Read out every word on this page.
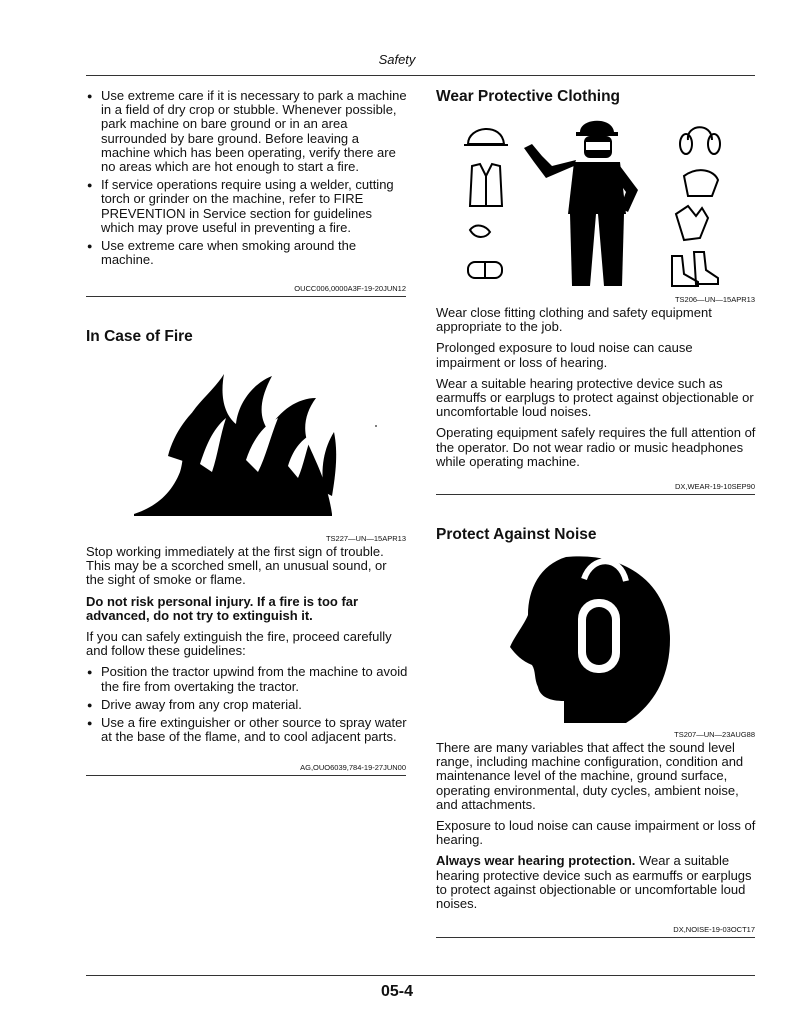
Safety
● Use extreme care if it is necessary to park a machine in a field of dry crop or stubble. Whenever possible, park machine on bare ground or in an area surrounded by bare ground. Before leaving a machine which has been operating, verify there are no areas which are hot enough to start a fire.
● If service operations require using a welder, cutting torch or grinder on the machine, refer to FIRE PREVENTION in Service section for guidelines which may prove useful in preventing a fire.
● Use extreme care when smoking around the machine.
OUCC006,0000A3F-19-20JUN12
In Case of Fire
TS227—UN—15APR13

Stop working immediately at the first sign of trouble. This may be a scorched smell, an unusual sound, or the sight of smoke or flame.

Do not risk personal injury. If a fire is too far advanced, do not try to extinguish it.

If you can safely extinguish the fire, proceed carefully and follow these guidelines:

● Position the tractor upwind from the machine to avoid the fire from overtaking the tractor.
● Drive away from any crop material.
● Use a fire extinguisher or other source to spray water at the base of the flame, and to cool adjacent parts.
AG,OUO6039,784-19-27JUN00
Wear Protective Clothing
TS206—UN—15APR13

Wear close fitting clothing and safety equipment appropriate to the job.

Prolonged exposure to loud noise can cause impairment or loss of hearing.

Wear a suitable hearing protective device such as earmuffs or earplugs to protect against objectionable or uncomfortable loud noises.

Operating equipment safely requires the full attention of the operator. Do not wear radio or music headphones while operating machine.

DX,WEAR-19-10SEP90
Protect Against Noise
TS207—UN—23AUG88

There are many variables that affect the sound level range, including machine configuration, condition and maintenance level of the machine, ground surface, operating environmental, duty cycles, ambient noise, and attachments.

Exposure to loud noise can cause impairment or loss of hearing.

Always wear hearing protection. Wear a suitable hearing protective device such as earmuffs or earplugs to protect against objectionable or uncomfortable loud noises.

DX,NOISE-19-03OCT17
05-4
